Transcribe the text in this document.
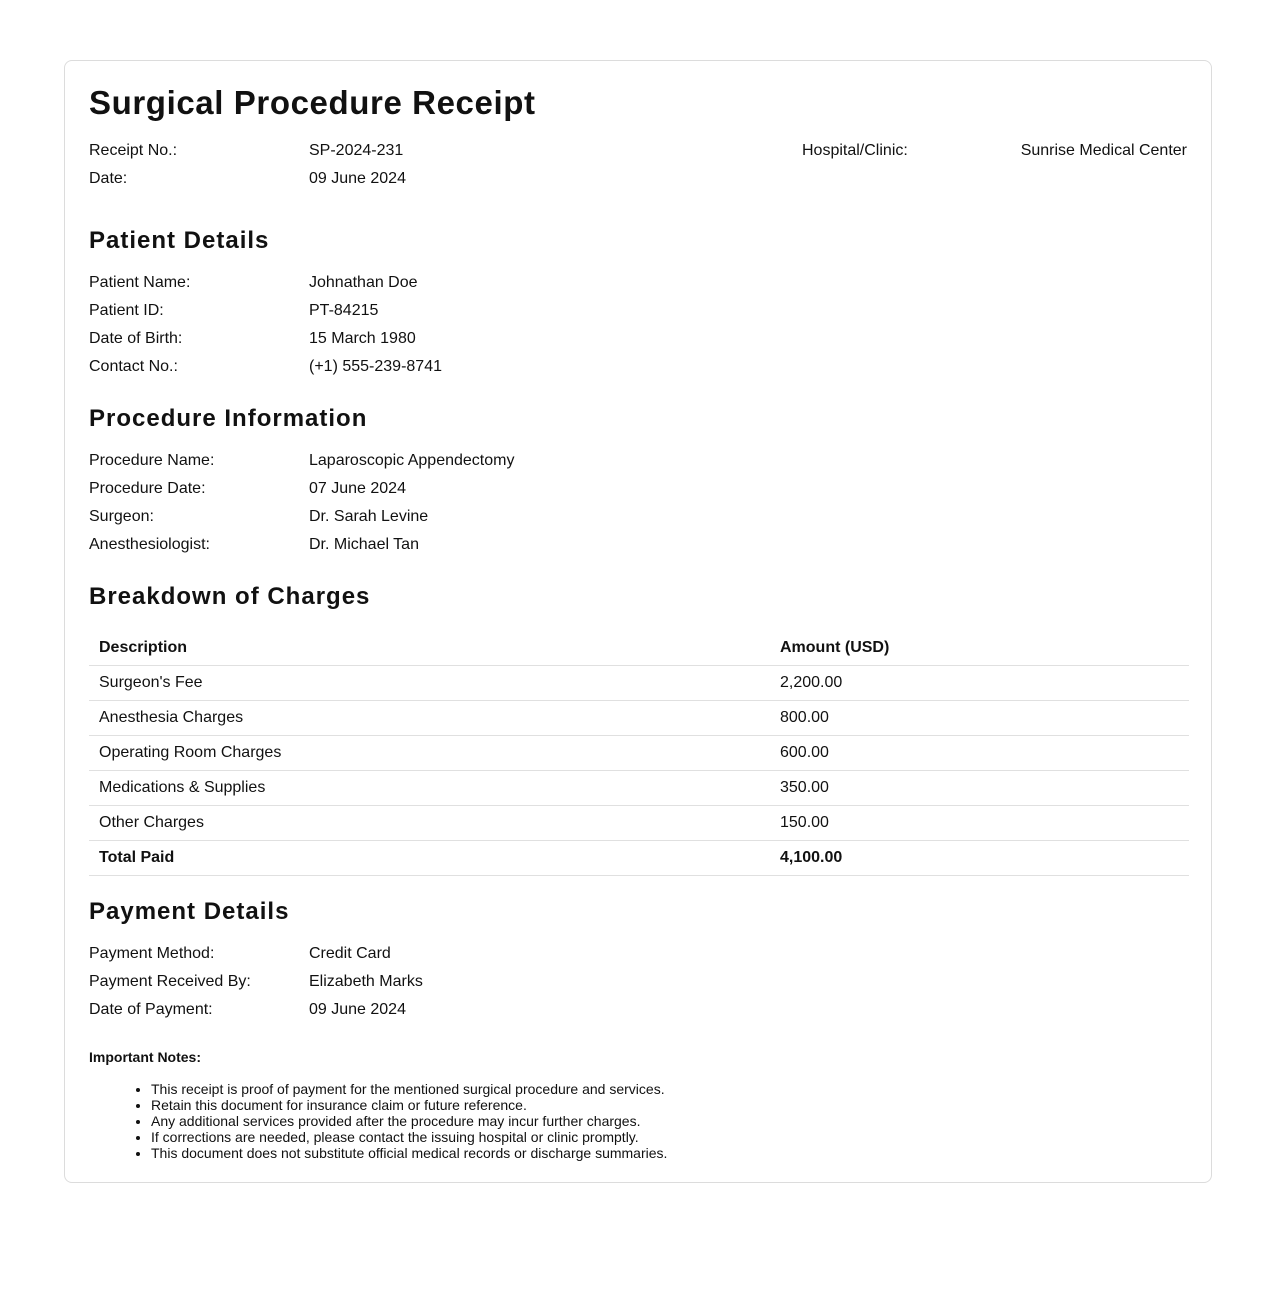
Surgical Procedure Receipt
Receipt No.:	SP-2024-231
Date:	09 June 2024
Hospital/Clinic:	Sunrise Medical Center
Patient Details
Patient Name:	Johnathan Doe
Patient ID:	PT-84215
Date of Birth:	15 March 1980
Contact No.:	(+1) 555-239-8741
Procedure Information
Procedure Name:	Laparoscopic Appendectomy
Procedure Date:	07 June 2024
Surgeon:	Dr. Sarah Levine
Anesthesiologist:	Dr. Michael Tan
Breakdown of Charges
Description	Amount (USD)
Surgeon's Fee	2,200.00
Anesthesia Charges	800.00
Operating Room Charges	600.00
Medications & Supplies	350.00
Other Charges	150.00
Total Paid	4,100.00
Payment Details
Payment Method:	Credit Card
Payment Received By:	Elizabeth Marks
Date of Payment:	09 June 2024
Important Notes:
• This receipt is proof of payment for the mentioned surgical procedure and services.
• Retain this document for insurance claim or future reference.
• Any additional services provided after the procedure may incur further charges.
• If corrections are needed, please contact the issuing hospital or clinic promptly.
• This document does not substitute official medical records or discharge summaries.
